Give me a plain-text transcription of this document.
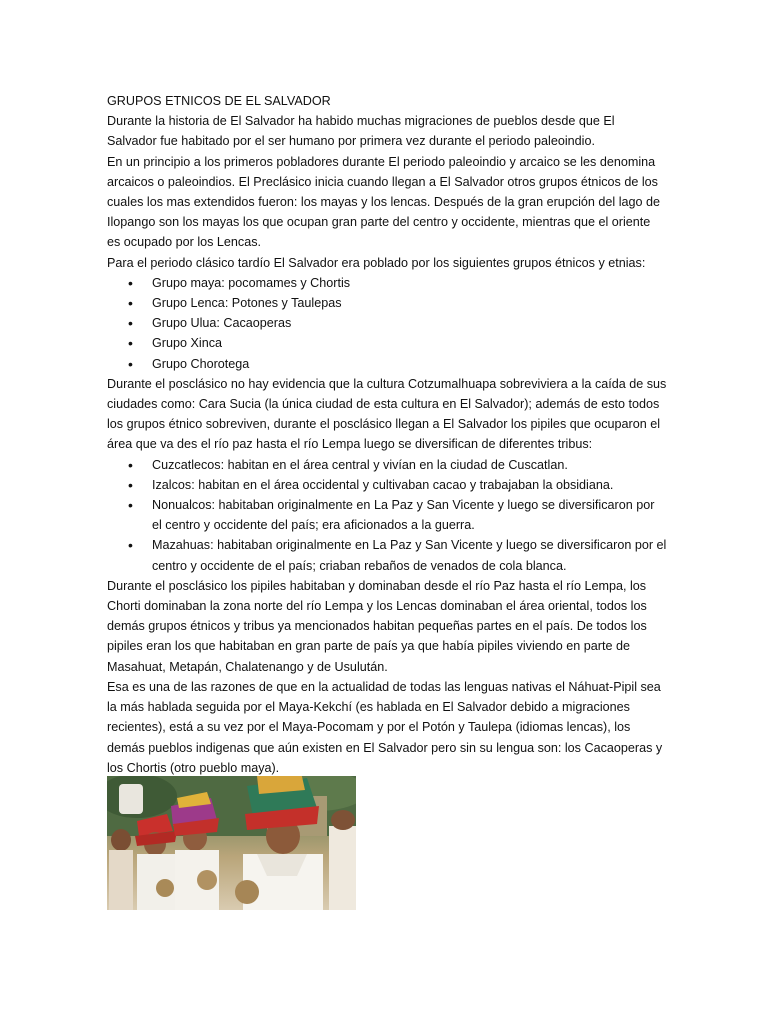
GRUPOS ETNICOS DE EL SALVADOR

Durante la historia de El Salvador ha habido muchas migraciones de pueblos desde que El Salvador fue habitado por el ser humano por primera vez durante el periodo paleoindio.

En un principio a los primeros pobladores durante El periodo paleoindio y arcaico se les denomina arcaicos o paleoindios. El Preclásico inicia cuando llegan a El Salvador otros grupos étnicos de los cuales los mas extendidos fueron: los mayas y los lencas. Después de la gran erupción del lago de Ilopango son los mayas los que ocupan gran parte del centro y occidente, mientras que el oriente es ocupado por los Lencas.

Para el periodo clásico tardío El Salvador era poblado por los siguientes grupos étnicos y etnias:

• Grupo maya: pocomames y Chortis
• Grupo Lenca: Potones y Taulepas
• Grupo Ulua: Cacaoperas
• Grupo Xinca
• Grupo Chorotega

Durante el posclásico no hay evidencia que la cultura Cotzumalhuapa sobreviviera a la caída de sus ciudades como: Cara Sucia (la única ciudad de esta cultura en El Salvador); además de esto todos los grupos étnico sobreviven, durante el posclásico llegan a El Salvador los pipiles que ocuparon el área que va des el río paz hasta el río Lempa luego se diversifican de diferentes tribus:

• Cuzcatlecos: habitan en el área central y vivían en la ciudad de Cuscatlan.
• Izalcos: habitan en el área occidental y cultivaban cacao y trabajaban la obsidiana.
• Nonualcos: habitaban originalmente en La Paz y San Vicente y luego se diversificaron por el centro y occidente del país; era aficionados a la guerra.
• Mazahuas: habitaban originalmente en La Paz y San Vicente y luego se diversificaron por el centro y occidente de el país; criaban rebaños de venados de cola blanca.

Durante el posclásico los pipiles habitaban y dominaban desde el río Paz hasta el río Lempa, los Chorti dominaban la zona norte del río Lempa y los Lencas dominaban el área oriental, todos los demás grupos étnicos y tribus ya mencionados habitan pequeñas partes en el país. De todos los pipiles eran los que habitaban en gran parte de país ya que había pipiles viviendo en parte de Masahuat, Metapán, Chalatenango y de Usulután.

Esa es una de las razones de que en la actualidad de todas las lenguas nativas el Náhuat-Pipil sea la más hablada seguida por el Maya-Kekchí (es hablada en El Salvador debido a migraciones recientes), está a su vez por el Maya-Pocomam y por el Potón y Taulepa (idiomas lencas), los demás pueblos indigenas que aún existen en El Salvador pero sin su lengua son: los Cacaoperas y los Chortis (otro pueblo maya).
